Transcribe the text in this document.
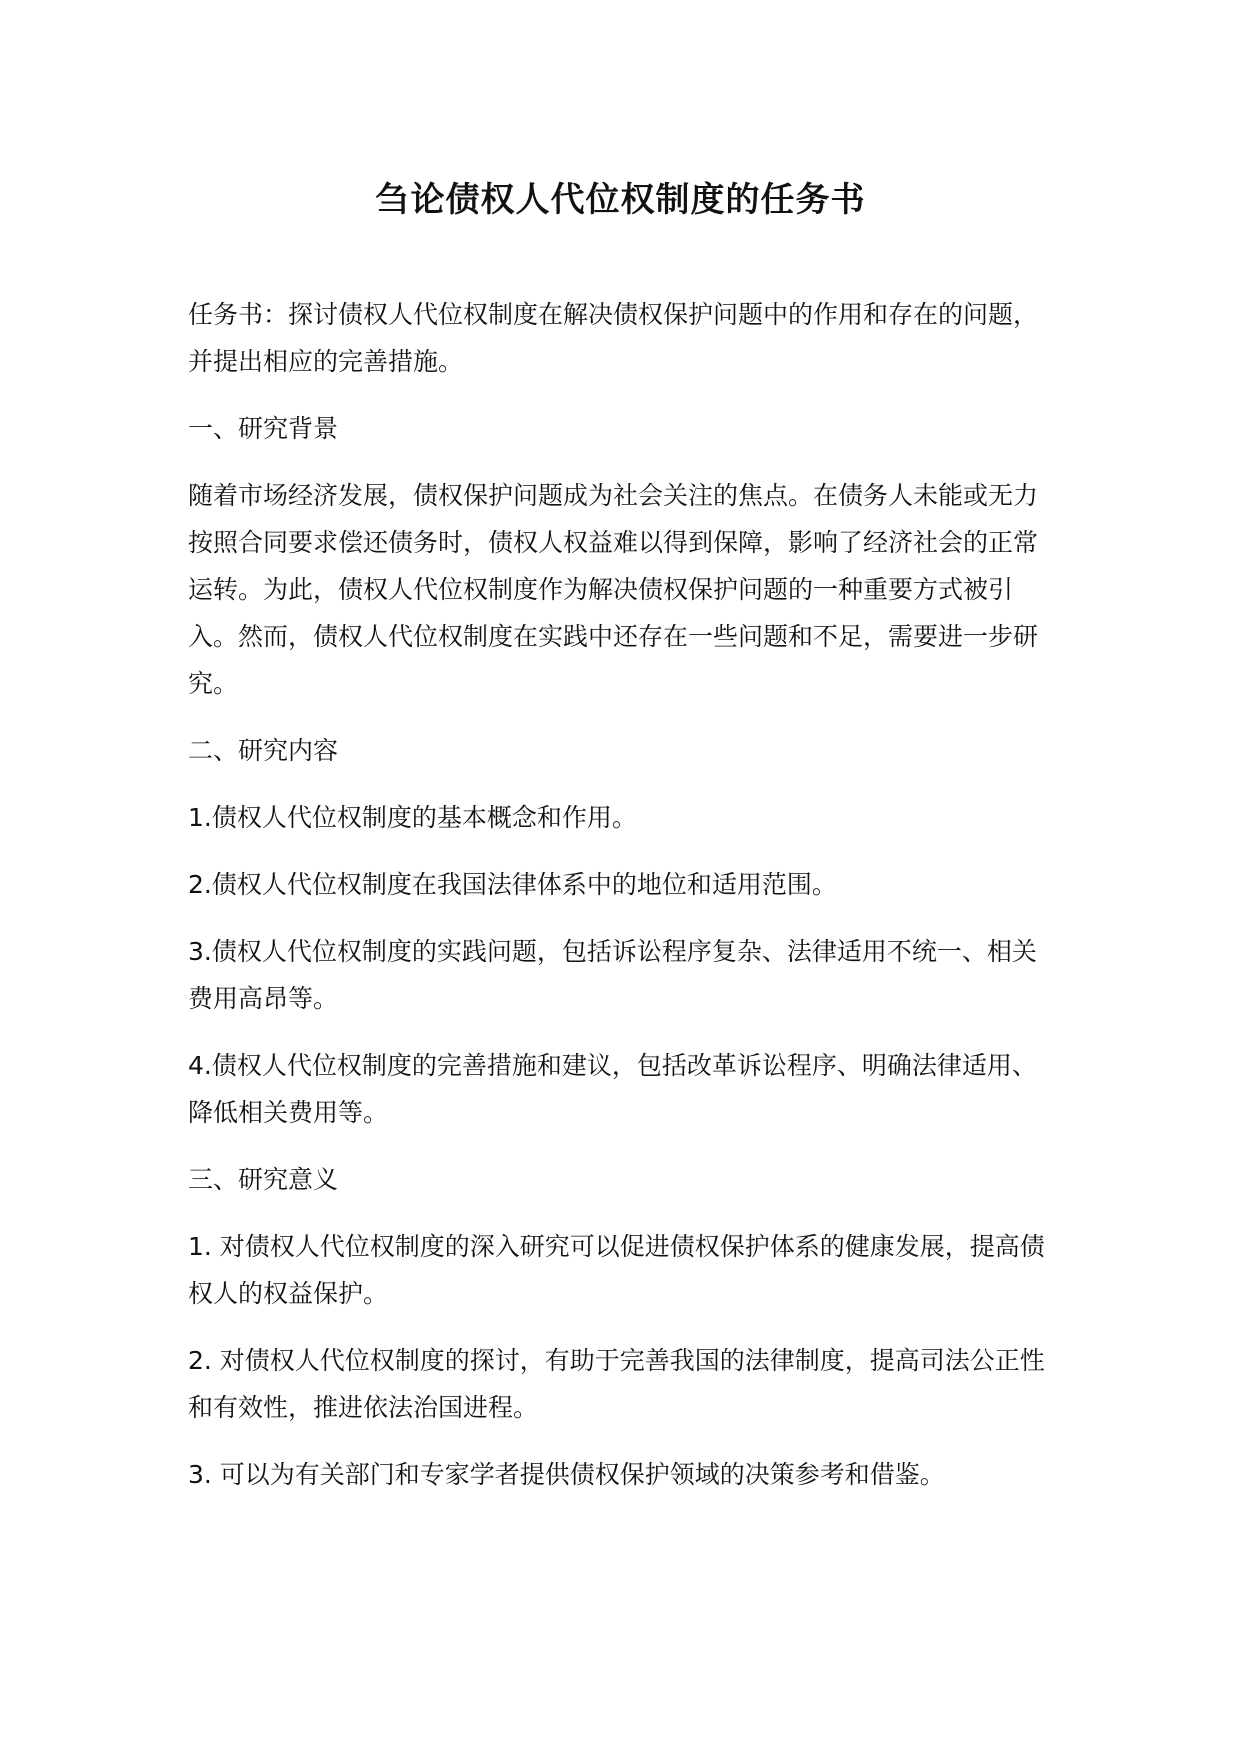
刍论债权人代位权制度的任务书

任务书：探讨债权人代位权制度在解决债权保护问题中的作用和存在的问题，并提出相应的完善措施。

一、研究背景

随着市场经济发展，债权保护问题成为社会关注的焦点。在债务人未能或无力按照合同要求偿还债务时，债权人权益难以得到保障，影响了经济社会的正常运转。为此，债权人代位权制度作为解决债权保护问题的一种重要方式被引入。然而，债权人代位权制度在实践中还存在一些问题和不足，需要进一步研究。

二、研究内容

1.债权人代位权制度的基本概念和作用。

2.债权人代位权制度在我国法律体系中的地位和适用范围。

3.债权人代位权制度的实践问题，包括诉讼程序复杂、法律适用不统一、相关费用高昂等。

4.债权人代位权制度的完善措施和建议，包括改革诉讼程序、明确法律适用、降低相关费用等。

三、研究意义

1. 对债权人代位权制度的深入研究可以促进债权保护体系的健康发展，提高债权人的权益保护。

2. 对债权人代位权制度的探讨，有助于完善我国的法律制度，提高司法公正性和有效性，推进依法治国进程。

3. 可以为有关部门和专家学者提供债权保护领域的决策参考和借鉴。
